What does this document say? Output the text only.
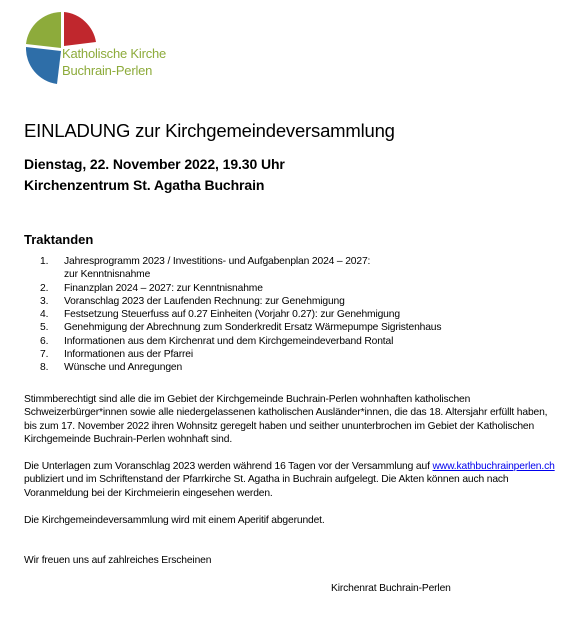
Katholische Kirche
Buchrain-Perlen
EINLADUNG zur Kirchgemeindeversammlung
Dienstag, 22. November 2022, 19.30 Uhr
Kirchenzentrum St. Agatha Buchrain
Traktanden
1. Jahresprogramm 2023 / Investitions- und Aufgabenplan 2024 – 2027:
zur Kenntnisnahme
2. Finanzplan 2024 – 2027: zur Kenntnisnahme
3. Voranschlag 2023 der Laufenden Rechnung: zur Genehmigung
4. Festsetzung Steuerfuss auf 0.27 Einheiten (Vorjahr 0.27): zur Genehmigung
5. Genehmigung der Abrechnung zum Sonderkredit Ersatz Wärmepumpe Sigristenhaus
6. Informationen aus dem Kirchenrat und dem Kirchgemeindeverband Rontal
7. Informationen aus der Pfarrei
8. Wünsche und Anregungen

Stimmberechtigt sind alle die im Gebiet der Kirchgemeinde Buchrain-Perlen wohnhaften katholischen Schweizerbürger*innen sowie alle niedergelassenen katholischen Ausländer*innen, die das 18. Altersjahr erfüllt haben, bis zum 17. November 2022 ihren Wohnsitz geregelt haben und seither ununterbrochen im Gebiet der Katholischen Kirchgemeinde Buchrain-Perlen wohnhaft sind.

Die Unterlagen zum Voranschlag 2023 werden während 16 Tagen vor der Versammlung auf www.kathbuchrainperlen.ch publiziert und im Schriftenstand der Pfarrkirche St. Agatha in Buchrain aufgelegt. Die Akten können auch nach Voranmeldung bei der Kirchmeierin eingesehen werden.

Die Kirchgemeindeversammlung wird mit einem Aperitif abgerundet.

Wir freuen uns auf zahlreiches Erscheinen

Kirchenrat Buchrain-Perlen
